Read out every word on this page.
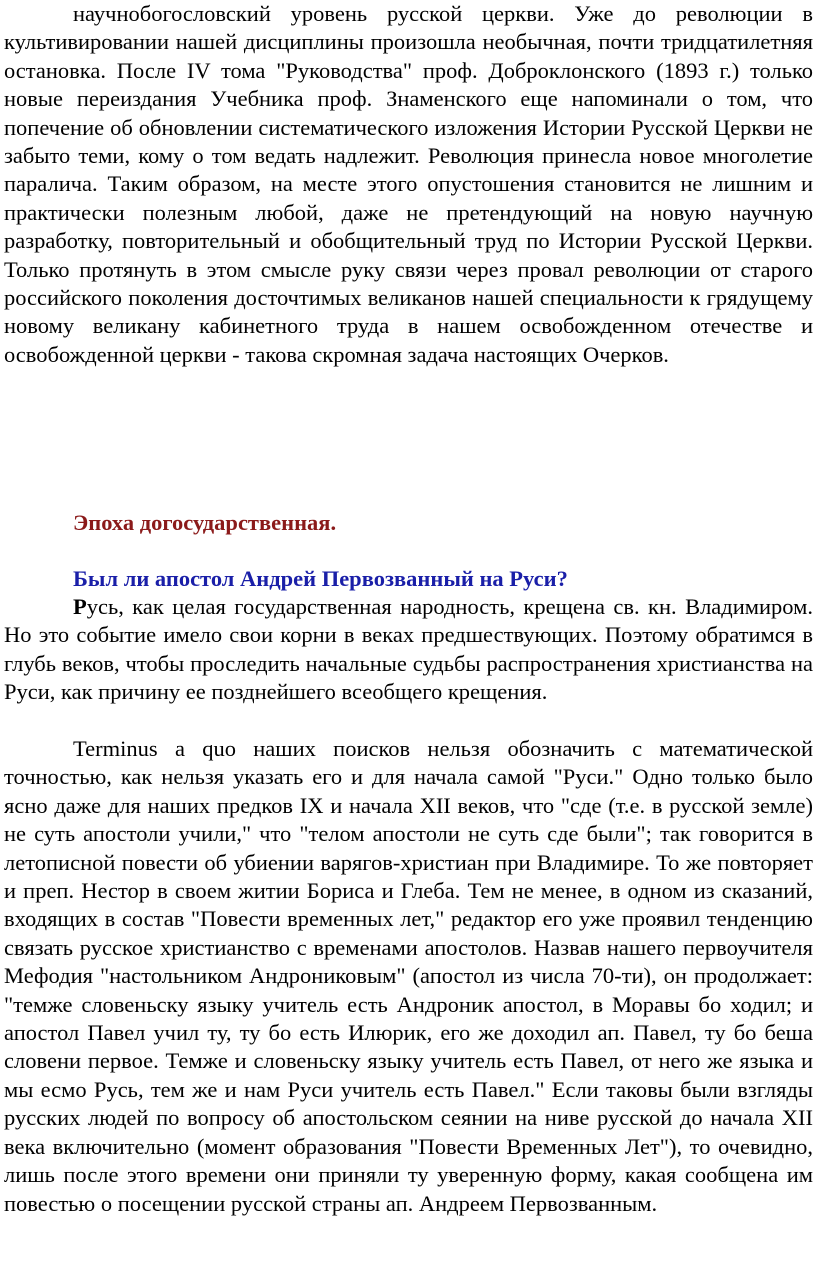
научнобогословский уровень русской церкви. Уже до революции в культивировании нашей дисциплины произошла необычная, почти тридцатилетняя остановка. После IV тома "Руководства" проф. Доброклонского (1893 г.) только новые переиздания Учебника проф. Знаменского еще напоминали о том, что попечение об обновлении систематического изложения Истории Русской Церкви не забыто теми, кому о том ведать надлежит. Революция принесла новое многолетие паралича. Таким образом, на месте этого опустошения становится не лишним и практически полезным любой, даже не претендующий на новую научную разработку, повторительный и обобщительный труд по Истории Русской Церкви. Только протянуть в этом смысле руку связи через провал революции от старого российского поколения досточтимых великанов нашей специальности к грядущему новому великану кабинетного труда в нашем освобожденном отечестве и освобожденной церкви - такова скромная задача настоящих Очерков.

Эпоха догосударственная.
Был ли апостол Андрей Первозванный на Руси?

Русь, как целая государственная народность, крещена св. кн. Владимиром. Но это событие имело свои корни в веках предшествующих. Поэтому обратимся в глубь веков, чтобы проследить начальные судьбы распространения христианства на Руси, как причину ее позднейшего всеобщего крещения.

Terminus a quo наших поисков нельзя обозначить с математической точностью, как нельзя указать его и для начала самой "Руси." Одно только было ясно даже для наших предков IX и начала XII веков, что "сде (т.е. в русской земле) не суть апостоли учили," что "телом апостоли не суть сде были"; так говорится в летописной повести об убиении варягов-христиан при Владимире. То же повторяет и преп. Нестор в своем житии Бориса и Глеба. Тем не менее, в одном из сказаний, входящих в состав "Повести временных лет," редактор его уже проявил тенденцию связать русское христианство с временами апостолов. Назвав нашего первоучителя Мефодия "настольником Андрониковым" (апостол из числа 70-ти), он продолжает: "темже словеньску языку учитель есть Андроник апостол, в Моравы бо ходил; и апостол Павел учил ту, ту бо есть Илюрик, его же доходил ап. Павел, ту бо беша словени первое. Темже и словеньску языку учитель есть Павел, от него же языка и мы есмо Русь, тем же и нам Руси учитель есть Павел." Если таковы были взгляды русских людей по вопросу об апостольском сеянии на ниве русской до начала XII века включительно (момент образования "Повести Временных Лет"), то очевидно, лишь после этого времени они приняли ту уверенную форму, какая сообщена им повестью о посещении русской страны ап. Андреем Первозванным.
